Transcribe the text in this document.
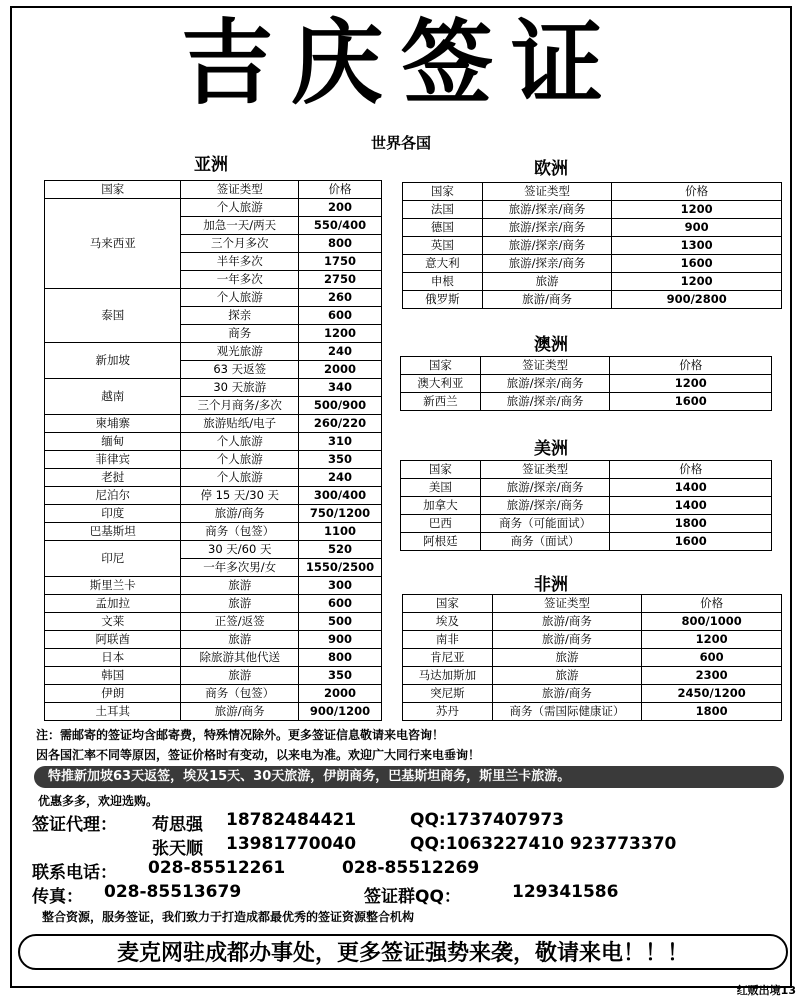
吉庆签证
世界各国
亚洲
国家	签证类型	价格
马来西亚	个人旅游	200
	加急一天/两天	550/400
	三个月多次	800
	半年多次	1750
	一年多次	2750
泰国	个人旅游	260
	探亲	600
	商务	1200
新加坡	观光旅游	240
	63 天返签	2000
越南	30 天旅游	340
	三个月商务/多次	500/900
柬埔寨	旅游贴纸/电子	260/220
缅甸	个人旅游	310
菲律宾	个人旅游	350
老挝	个人旅游	240
尼泊尔	停 15 天/30 天	300/400
印度	旅游/商务	750/1200
巴基斯坦	商务（包签）	1100
印尼	30 天/60 天	520
	一年多次男/女	1550/2500
斯里兰卡	旅游	300
孟加拉	旅游	600
文莱	正签/返签	500
阿联酋	旅游	900
日本	除旅游其他代送	800
韩国	旅游	350
伊朗	商务（包签）	2000
土耳其	旅游/商务	900/1200
欧洲
国家	签证类型	价格
法国	旅游/探亲/商务	1200
德国	旅游/探亲/商务	900
英国	旅游/探亲/商务	1300
意大利	旅游/探亲/商务	1600
申根	旅游	1200
俄罗斯	旅游/商务	900/2800
澳洲
国家	签证类型	价格
澳大利亚	旅游/探亲/商务	1200
新西兰	旅游/探亲/商务	1600
美洲
国家	签证类型	价格
美国	旅游/探亲/商务	1400
加拿大	旅游/探亲/商务	1400
巴西	商务（可能面试）	1800
阿根廷	商务（面试）	1600
非洲
国家	签证类型	价格
埃及	旅游/商务	800/1000
南非	旅游/商务	1200
肯尼亚	旅游	600
马达加斯加	旅游	2300
突尼斯	旅游/商务	2450/1200
苏丹	商务（需国际健康证）	1800
注：需邮寄的签证均含邮寄费，特殊情况除外。更多签证信息敬请来电咨询！
因各国汇率不同等原因，签证价格时有变动，以来电为准。欢迎广大同行来电垂询！
特推新加坡63天返签，埃及15天、30天旅游，伊朗商务，巴基斯坦商务，斯里兰卡旅游。
优惠多多，欢迎选购。
签证代理： 苟思强 18782484421	QQ:1737407973
张天顺 13981770040	QQ:1063227410 923773370
联系电话： 028-85512261	028-85512269
传真： 028-85513679	签证群QQ：	129341586
整合资源，服务签证，我们致力于打造成都最优秀的签证资源整合机构
麦克网驻成都办事处，更多签证强势来袭，敬请来电！！！
红贩出境13
